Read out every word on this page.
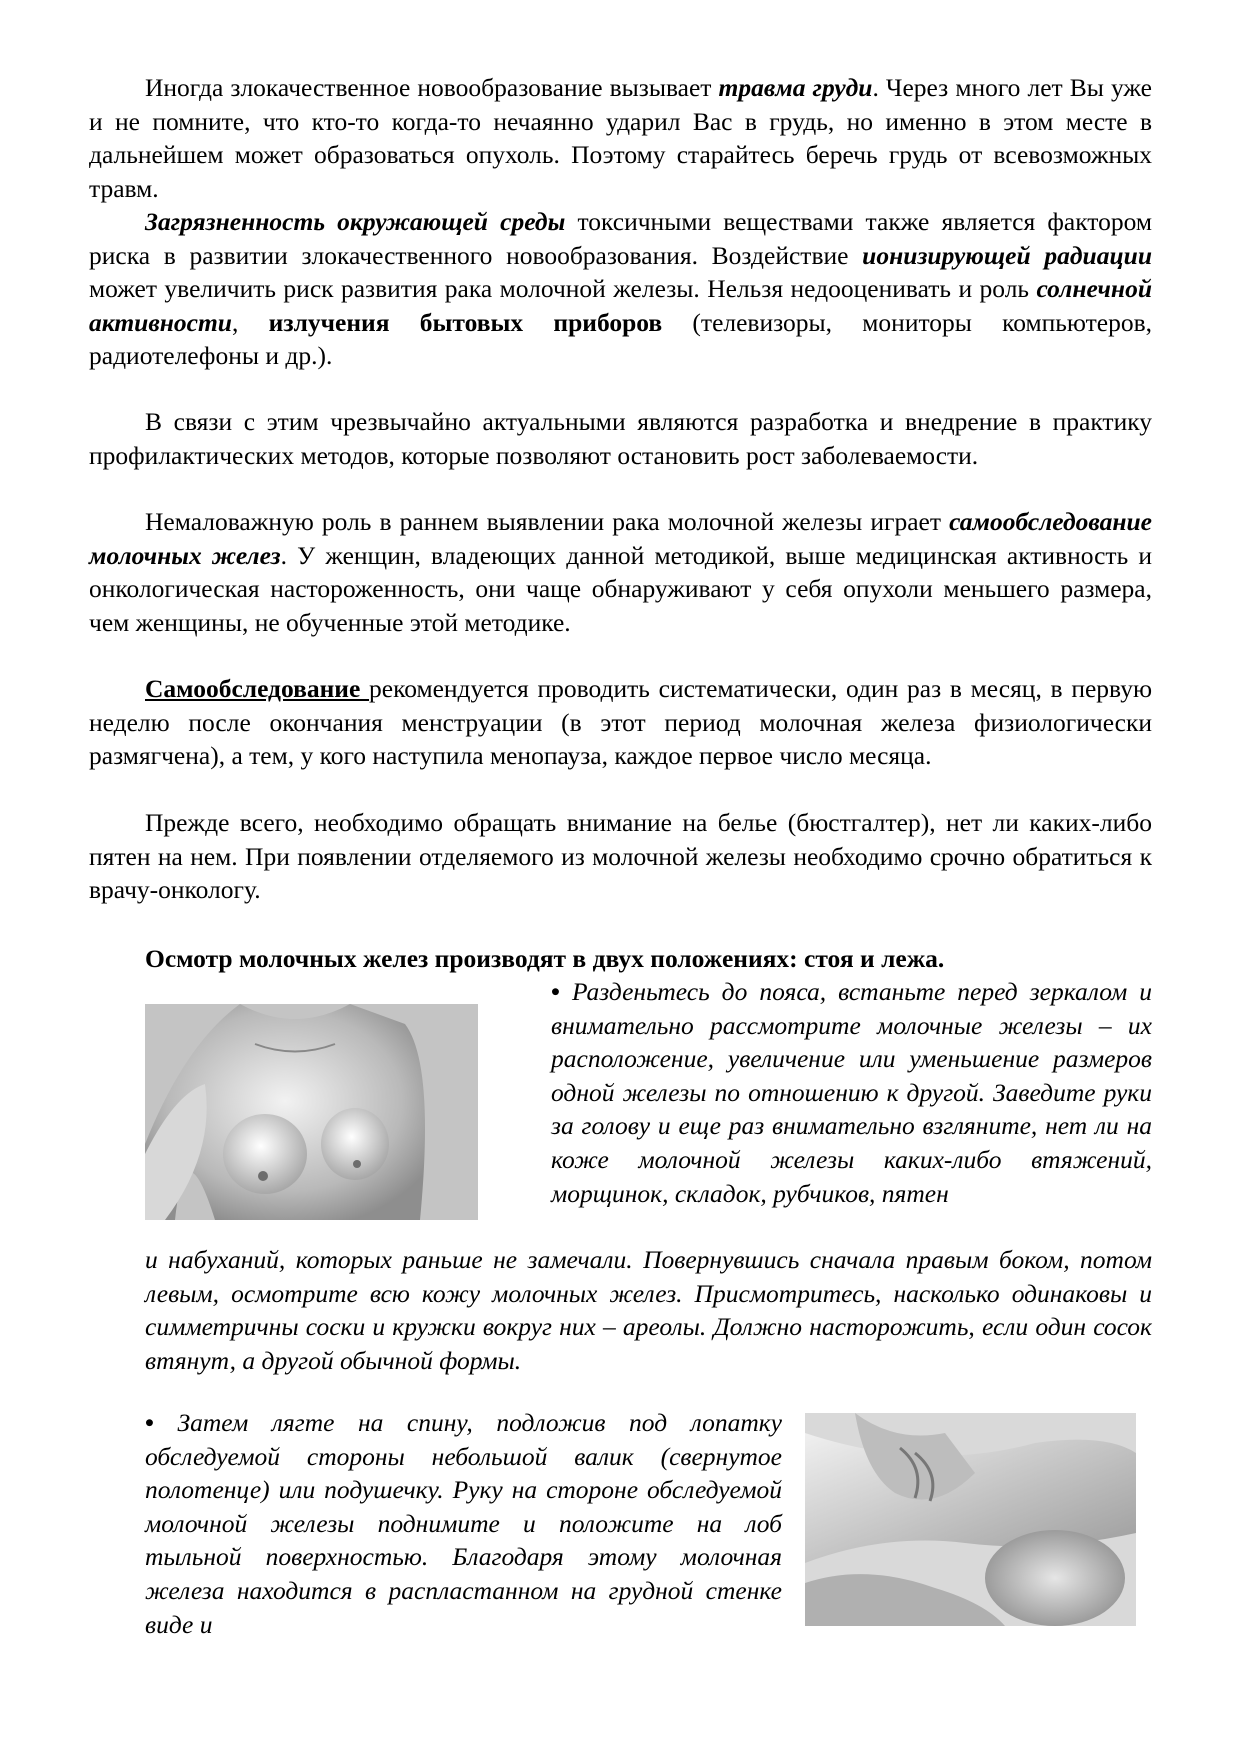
Иногда злокачественное новообразование вызывает травма груди. Через много лет Вы уже и не помните, что кто-то когда-то нечаянно ударил Вас в грудь, но именно в этом месте в дальнейшем может образоваться опухоль. Поэтому старайтесь беречь грудь от всевозможных травм.

Загрязненность окружающей среды токсичными веществами также является фактором риска в развитии злокачественного новообразования. Воздействие ионизирующей радиации может увеличить риск развития рака молочной железы. Нельзя недооценивать и роль солнечной активности, излучения бытовых приборов (телевизоры, мониторы компьютеров, радиотелефоны и др.).

В связи с этим чрезвычайно актуальными являются разработка и внедрение в практику профилактических методов, которые позволяют остановить рост заболеваемости.

Немаловажную роль в раннем выявлении рака молочной железы играет самообследование молочных желез. У женщин, владеющих данной методикой, выше медицинская активность и онкологическая настороженность, они чаще обнаруживают у себя опухоли меньшего размера, чем женщины, не обученные этой методике.

Самообследование рекомендуется проводить систематически, один раз в месяц, в первую неделю после окончания менструации (в этот период молочная железа физиологически размягчена), а тем, у кого наступила менопауза, каждое первое число месяца.

Прежде всего, необходимо обращать внимание на белье (бюстгалтер), нет ли каких-либо пятен на нем. При появлении отделяемого из молочной железы необходимо срочно обратиться к врачу-онкологу.

Осмотр молочных желез производят в двух положениях: стоя и лежа.

• Разденьтесь до пояса, встаньте перед зеркалом и внимательно рассмотрите молочные железы – их расположение, увеличение или уменьшение размеров одной железы по отношению к другой. Заведите руки за голову и еще раз внимательно взгляните, нет ли на коже молочной железы каких-либо втяжений, морщинок, складок, рубчиков, пятен

и набуханий, которых раньше не замечали. Повернувшись сначала правым боком, потом левым, осмотрите всю кожу молочных желез. Присмотритесь, насколько одинаковы и симметричны соски и кружки вокруг них – ареолы. Должно насторожить, если один сосок втянут, а другой обычной формы.

• Затем лягте на спину, подложив под лопатку обследуемой стороны небольшой валик (свернутое полотенце) или подушечку. Руку на стороне обследуемой молочной железы поднимите и положите на лоб тыльной поверхностью. Благодаря этому молочная железа находится в распластанном на грудной стенке виде и
